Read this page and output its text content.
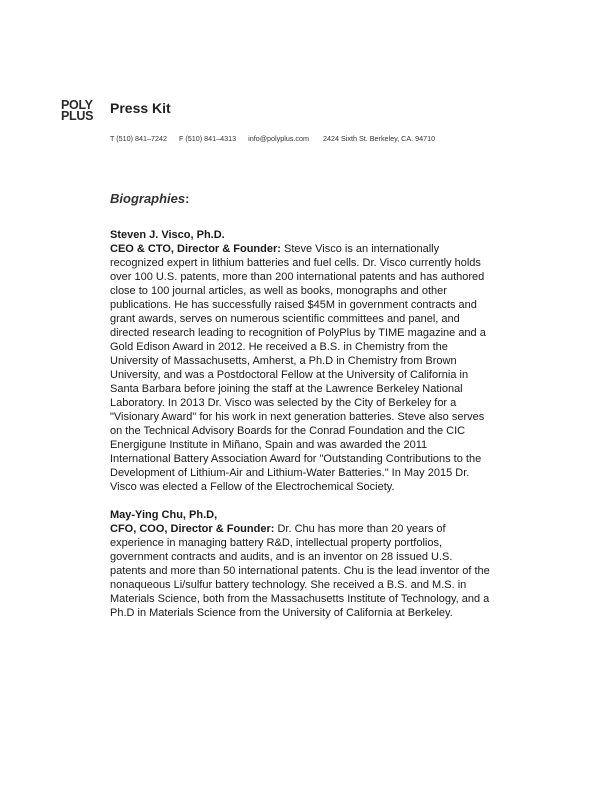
POLY
PLUS	Press Kit
T (510) 841–7242 F (510) 841–4313 info@polyplus.com 2424 Sixth St. Berkeley, CA. 94710

Biographies:

Steven J. Visco, Ph.D.

CEO & CTO, Director & Founder: Steve Visco is an internationally recognized expert in lithium batteries and fuel cells. Dr. Visco currently holds over 100 U.S. patents, more than 200 international patents and has authored close to 100 journal articles, as well as books, monographs and other publications. He has successfully raised $45M in government contracts and grant awards, serves on numerous scientific committees and panel, and directed research leading to recognition of PolyPlus by TIME magazine and a Gold Edison Award in 2012. He received a B.S. in Chemistry from the University of Massachusetts, Amherst, a Ph.D in Chemistry from Brown University, and was a Postdoctoral Fellow at the University of California in Santa Barbara before joining the staff at the Lawrence Berkeley National Laboratory. In 2013 Dr. Visco was selected by the City of Berkeley for a "Visionary Award" for his work in next generation batteries. Steve also serves on the Technical Advisory Boards for the Conrad Foundation and the CIC Energigune Institute in Miñano, Spain and was awarded the 2011 International Battery Association Award for "Outstanding Contributions to the Development of Lithium-Air and Lithium-Water Batteries." In May 2015 Dr. Visco was elected a Fellow of the Electrochemical Society.

May-Ying Chu, Ph.D,

CFO, COO, Director & Founder: Dr. Chu has more than 20 years of experience in managing battery R&D, intellectual property portfolios, government contracts and audits, and is an inventor on 28 issued U.S. patents and more than 50 international patents. Chu is the lead inventor of the nonaqueous Li/sulfur battery technology. She received a B.S. and M.S. in Materials Science, both from the Massachusetts Institute of Technology, and a Ph.D in Materials Science from the University of California at Berkeley.
